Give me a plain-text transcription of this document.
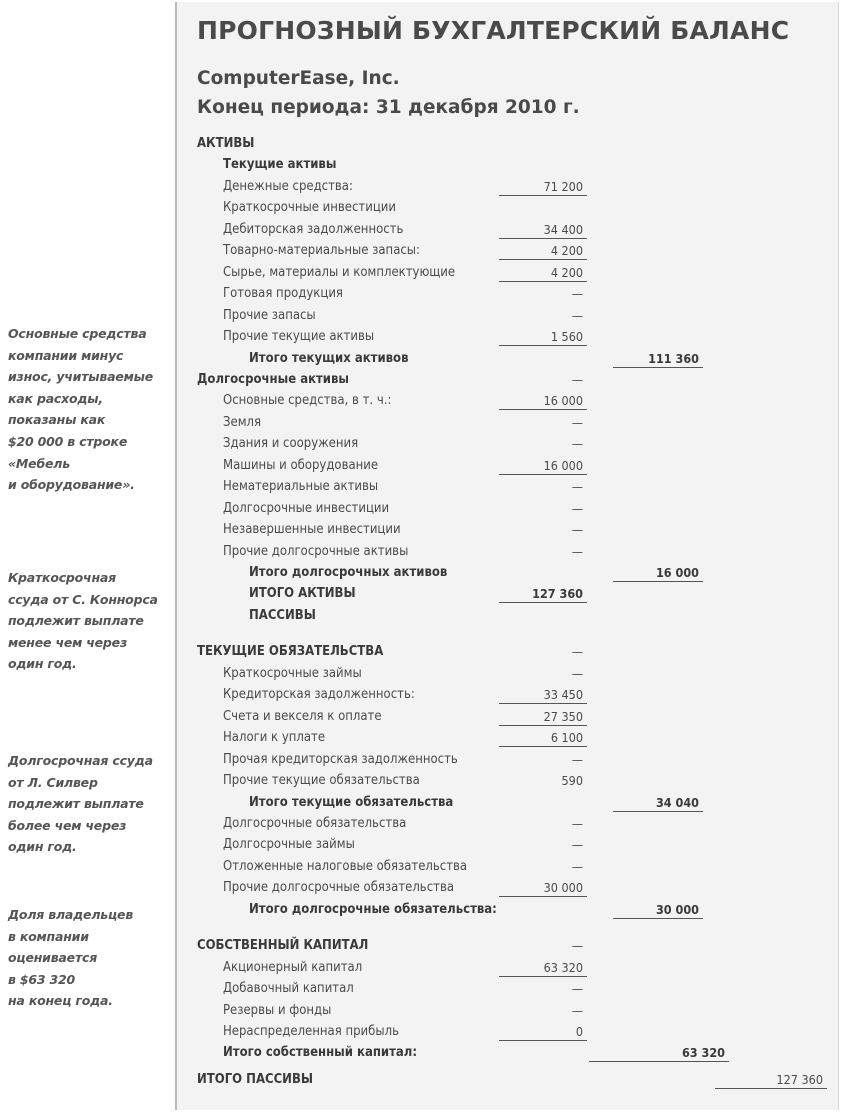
Основные средства
компании минус
износ, учитываемые
как расходы,
показаны как
$20 000 в строке
«Мебель
и оборудование».

Краткосрочная
ссуда от С. Коннорса
подлежит выплате
менее чем через
один год.

Долгосрочная ссуда
от Л. Силвер
подлежит выплате
более чем через
один год.

Доля владельцев
в компании
оценивается
в $63 320
на конец года.

ПРОГНОЗНЫЙ БУХГАЛТЕРСКИЙ БАЛАНС
ComputerEase, Inc.
Конец периода: 31 декабря 2010 г.
АКТИВЫ
Текущие активы
Денежные средства:	71 200
Краткосрочные инвестиции
Дебиторская задолженность	34 400
Товарно-материальные запасы:	4 200
Сырье, материалы и комплектующие	4 200
Готовая продукция	—
Прочие запасы	—
Прочие текущие активы	1 560
Итого текущих активов	111 360
Долгосрочные активы	—
Основные средства, в т. ч.:	16 000
Земля	—
Здания и сооружения	—
Машины и оборудование	16 000
Нематериальные активы	—
Долгосрочные инвестиции	—
Незавершенные инвестиции	—
Прочие долгосрочные активы	—
Итого долгосрочных активов	16 000
ИТОГО АКТИВЫ	127 360
ПАССИВЫ
ТЕКУЩИЕ ОБЯЗАТЕЛЬСТВА	—
Краткосрочные займы	—
Кредиторская задолженность:	33 450
Счета и векселя к оплате	27 350
Налоги к уплате	6 100
Прочая кредиторская задолженность	—
Прочие текущие обязательства	590
Итого текущие обязательства	34 040
Долгосрочные обязательства	—
Долгосрочные займы	—
Отложенные налоговые обязательства	—
Прочие долгосрочные обязательства	30 000
Итого долгосрочные обязательства:	30 000
СОБСТВЕННЫЙ КАПИТАЛ	—
Акционерный капитал	63 320
Добавочный капитал	—
Резервы и фонды	—
Нераспределенная прибыль	0
Итого собственный капитал:	63 320
ИТОГО ПАССИВЫ	127 360
